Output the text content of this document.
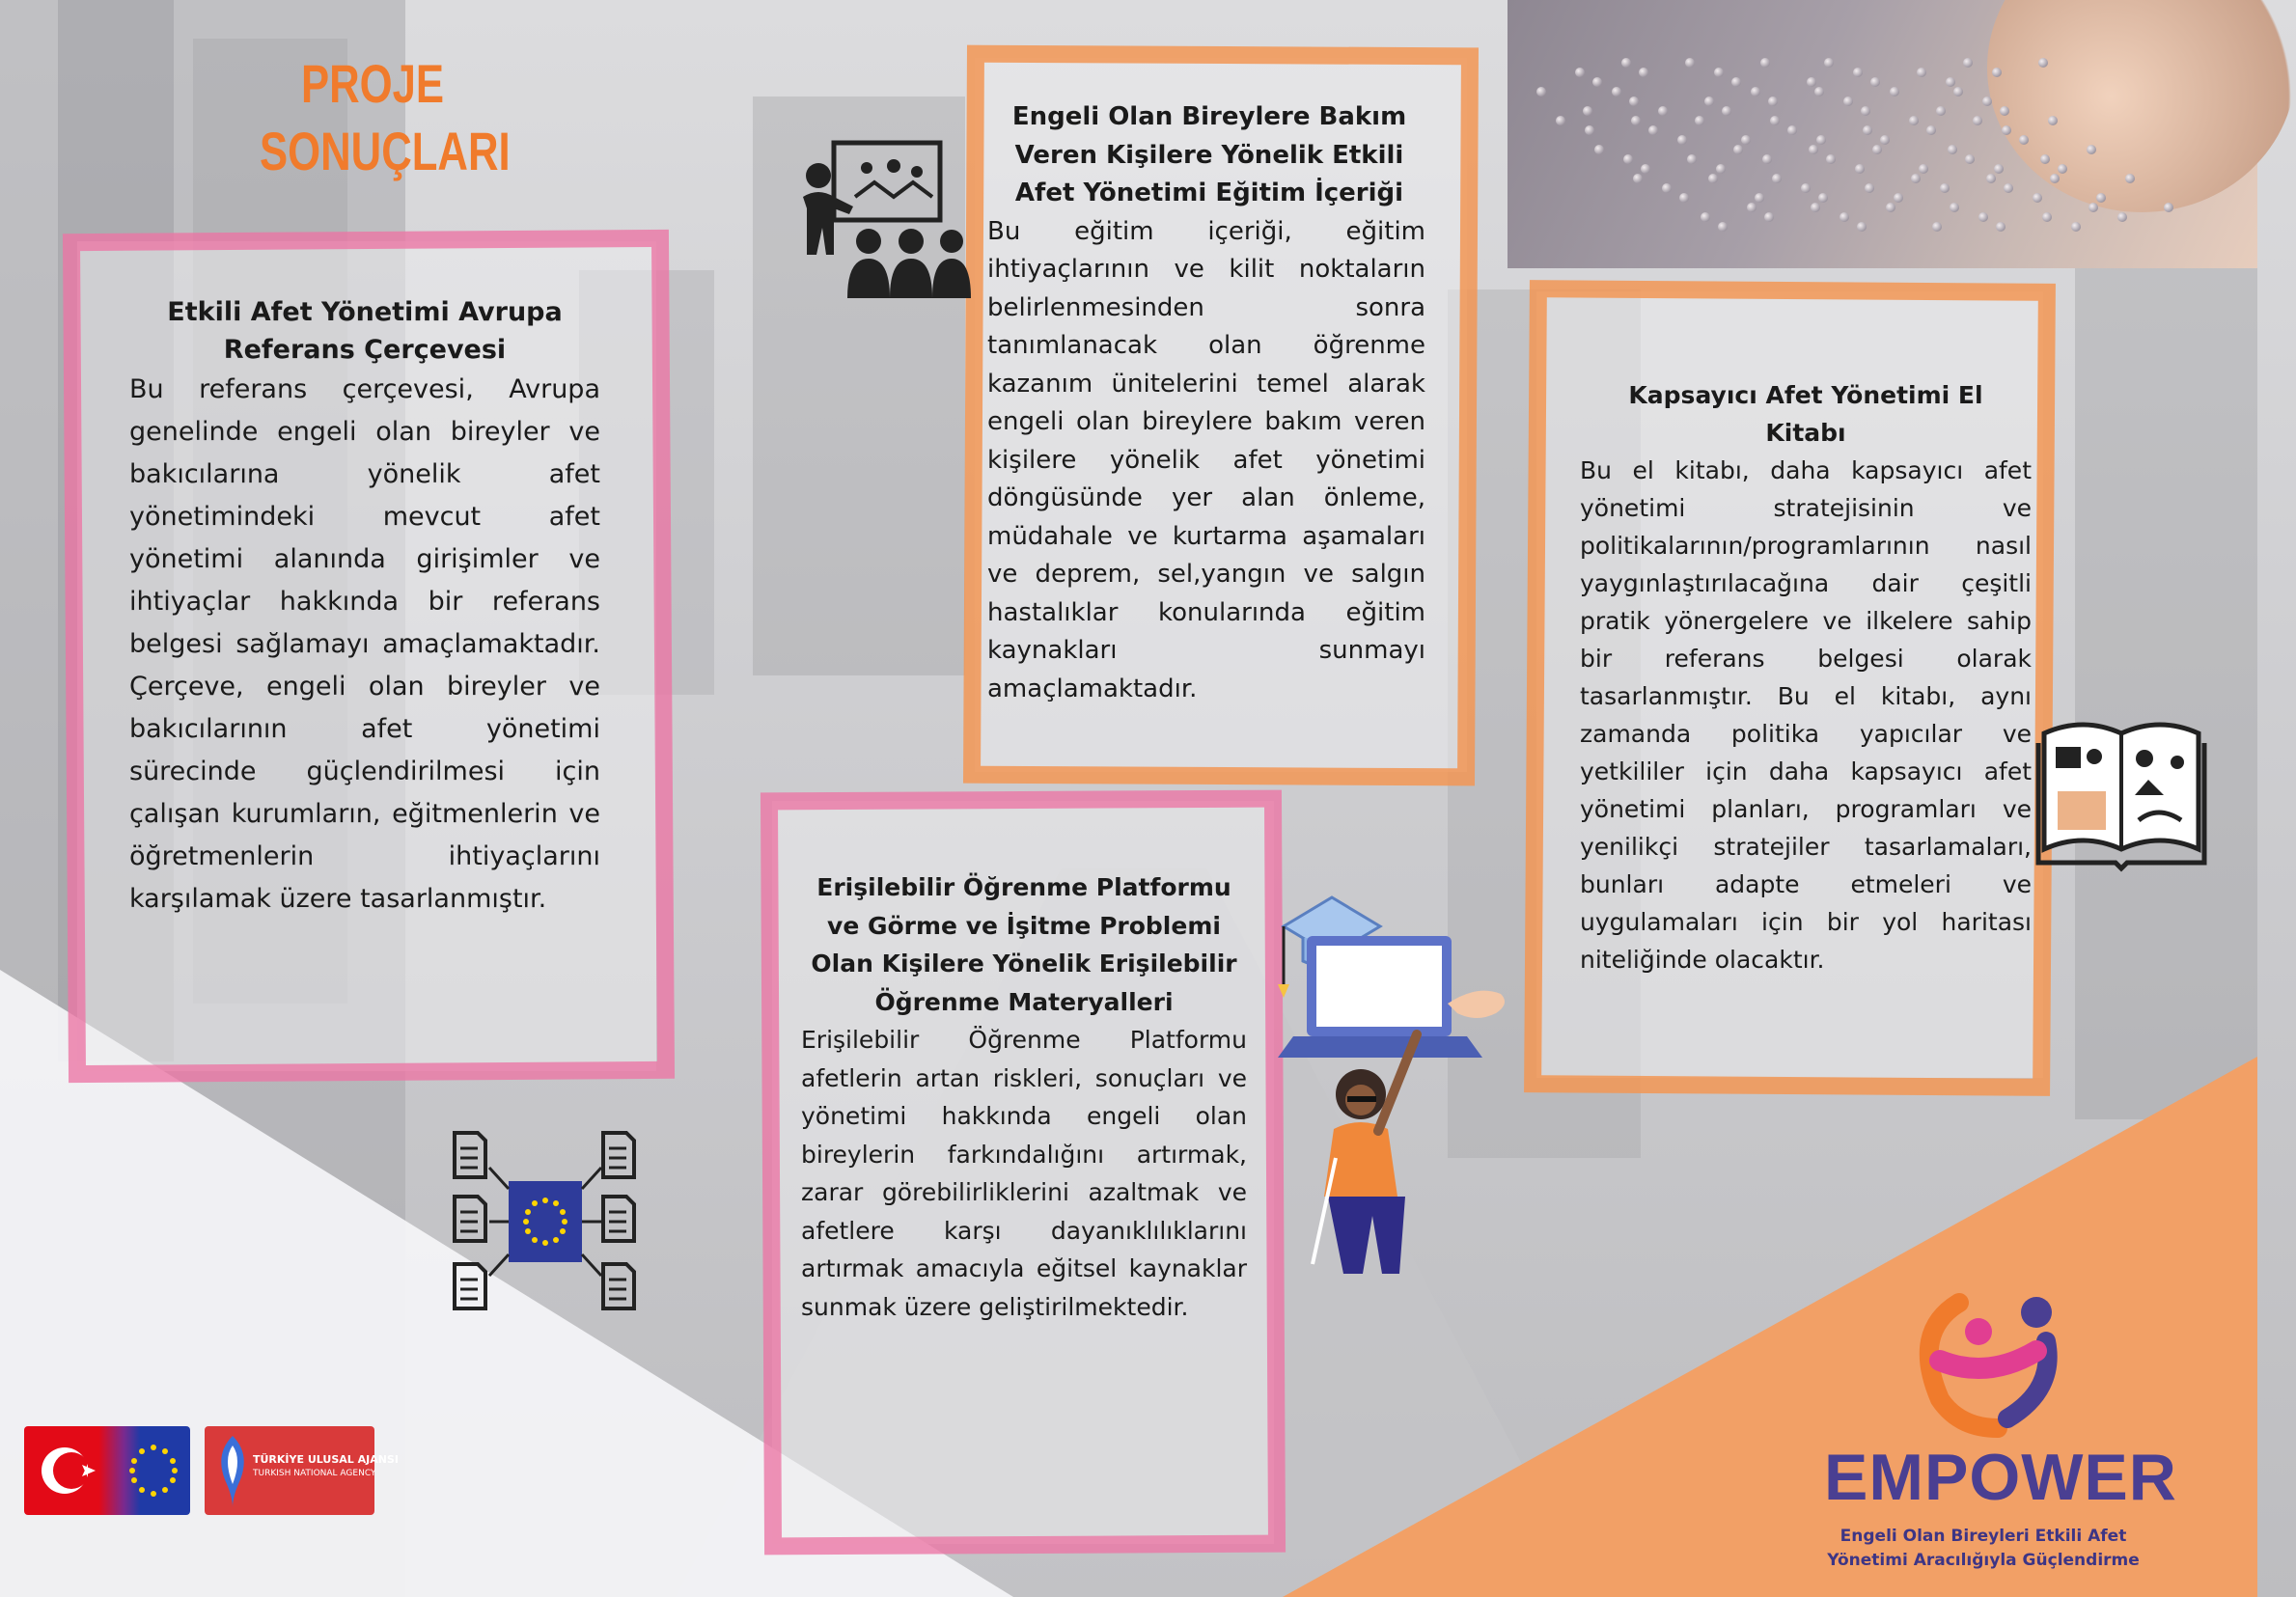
PROJE SONUÇLARI
Etkili Afet Yönetimi Avrupa Referans Çerçevesi

Bu referans çerçevesi, Avrupa genelinde engeli olan bireyler ve bakıcılarına yönelik afet yönetimindeki mevcut afet yönetimi alanında girişimler ve ihtiyaçlar hakkında bir referans belgesi sağlamayı amaçlamaktadır. Çerçeve, engeli olan bireyler ve bakıcılarının afet yönetimi sürecinde güçlendirilmesi için çalışan kurumların, eğitmenlerin ve öğretmenlerin ihtiyaçlarını karşılamak üzere tasarlanmıştır.

Engeli Olan Bireylere Bakım Veren Kişilere Yönelik Etkili Afet Yönetimi Eğitim İçeriği

Bu eğitim içeriği, eğitim ihtiyaçlarının ve kilit noktaların belirlenmesinden sonra tanımlanacak olan öğrenme kazanım ünitelerini temel alarak engeli olan bireylere bakım veren kişilere yönelik afet yönetimi döngüsünde yer alan önleme, müdahale ve kurtarma aşamaları ve deprem, sel,yangın ve salgın hastalıklar konularında eğitim kaynakları sunmayı amaçlamaktadır.

Erişilebilir Öğrenme Platformu ve Görme ve İşitme Problemi Olan Kişilere Yönelik Erişilebilir Öğrenme Materyalleri

Erişilebilir Öğrenme Platformu afetlerin artan riskleri, sonuçları ve yönetimi hakkında engeli olan bireylerin farkındalığını artırmak, zarar görebilirliklerini azaltmak ve afetlere karşı dayanıklılıklarını artırmak amacıyla eğitsel kaynaklar sunmak üzere geliştirilmektedir.

Kapsayıcı Afet Yönetimi El Kitabı

Bu el kitabı, daha kapsayıcı afet yönetimi stratejisinin ve politikalarının/programlarının nasıl yaygınlaştırılacağına dair çeşitli pratik yönergelere ve ilkelere sahip bir referans belgesi olarak tasarlanmıştır. Bu el kitabı, aynı zamanda politika yapıcılar ve yetkililer için daha kapsayıcı afet yönetimi planları, programları ve yenilikçi stratejiler tasarlamaları, bunları adapte etmeleri ve uygulamaları için bir yol haritası niteliğinde olacaktır.

TÜRKİYE ULUSAL AJANSI
TURKISH NATIONAL AGENCY	EMPOWER
Engeli Olan Bireyleri Etkili Afet Yönetimi Aracılığıyla Güçlendirme
